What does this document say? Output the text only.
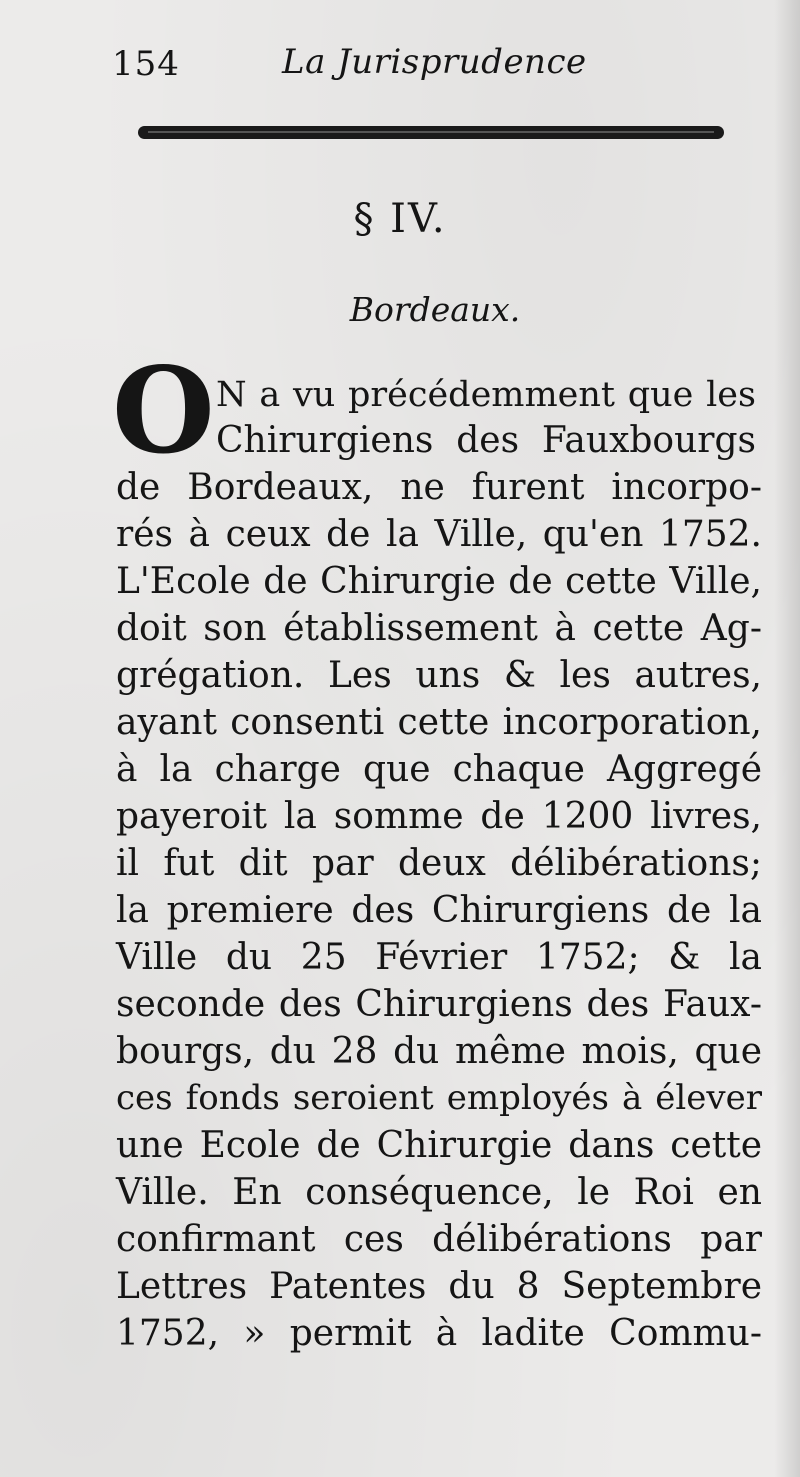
154	La Jurisprudence
§ IV.
Bordeaux.
O N a vu précédemment que les
Chirurgiens des Fauxbourgs
de Bordeaux, ne furent incorpo-
rés à ceux de la Ville, qu'en 1752.
L'Ecole de Chirurgie de cette Ville,
doit son établissement à cette Ag-
grégation. Les uns & les autres,
ayant consenti cette incorporation,
à la charge que chaque Aggregé
payeroit la somme de 1200 livres,
il fut dit par deux délibérations;
la premiere des Chirurgiens de la
Ville du 25 Février 1752; & la
seconde des Chirurgiens des Faux-
bourgs, du 28 du même mois, que
ces fonds seroient employés à élever
une Ecole de Chirurgie dans cette
Ville. En conséquence, le Roi en
confirmant ces délibérations par
Lettres Patentes du 8 Septembre
1752, » permit à ladite Commu-
